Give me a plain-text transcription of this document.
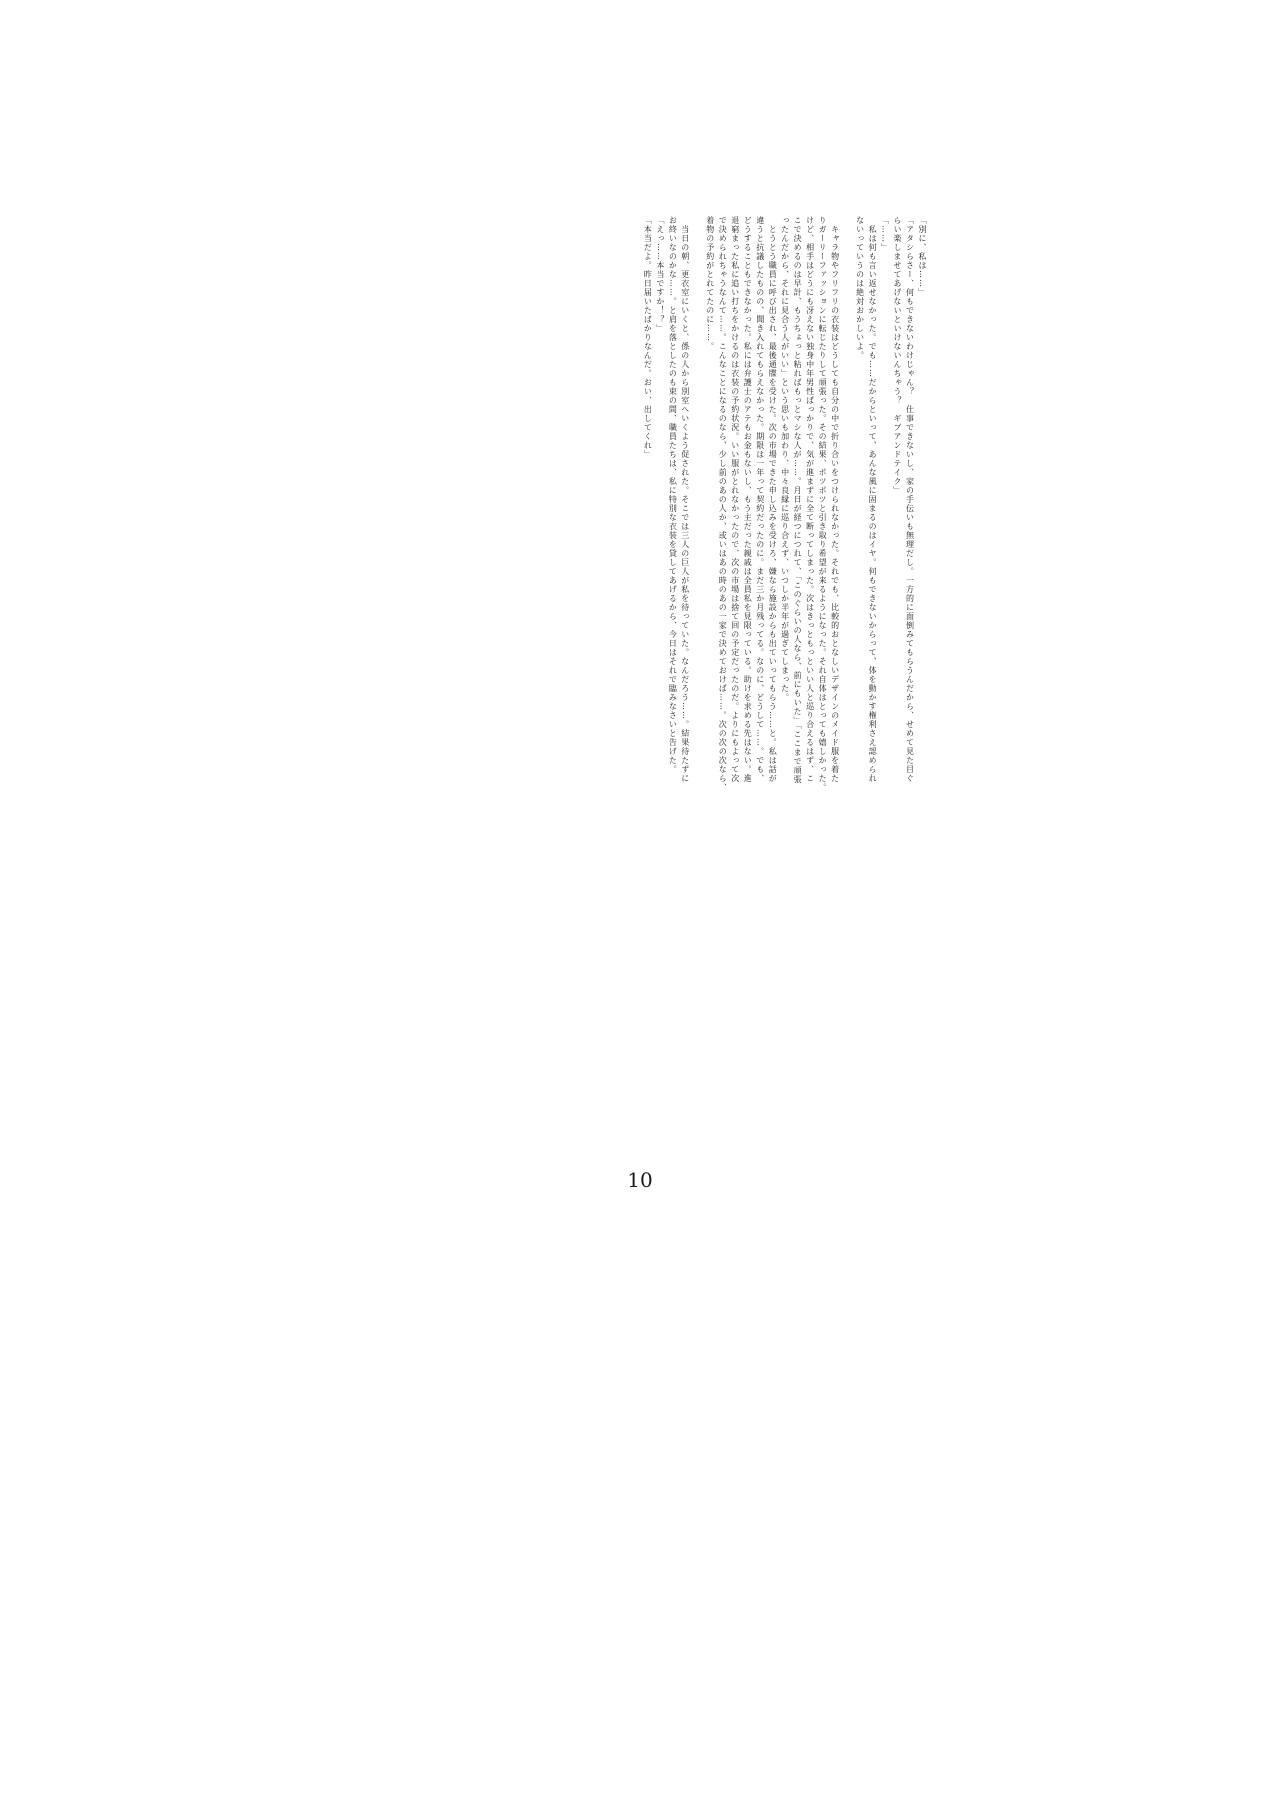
「別に、私は……」
「アタシらさー、何もできないわけじゃん？　仕事できないし、家の手伝いも無理だし。一方的に面倒みてもらうんだから、せめて見た目ぐ
らい楽しませてあげないといけないんちゃう？　ギブアンドテイク」
「……」
　私は何も言い返せなかった。でも……だからといって、あんな風に固まるのはイヤ。何もできないからって、体を動かす権利さえ認められ
ないっていうのは絶対おかしいよ。
　キャラ物やフリフリの衣装はどうしても自分の中で折り合いをつけられなかった。それでも、比較的おとなしいデザインのメイド服を着た
りガーリーファッションに転じたりして頑張った。その結果、ポツポツと引き取り希望が来るようになった。それ自体はとっても嬉しかった。
けど、相手はどうにも冴えない独身中年男性ばっかりで、気が進まずに全て断ってしまった。次はきっともっといい人と巡り合えるはず、こ
こで決めるのは早計、もうちょっと粘ればもっとマシな人が……。月日が経つにつれて、「このぐらいの人なら、前にもいた」「ここまで頑張
ったんだから、それに見合う人がいい」という思いも加わり、中々良縁に巡り合えず、いつしか半年が過ぎてしまった。
　とうとう職員に呼び出され、最後通牒を受けた。次の市場できた申し込みを受けろ、嫌なら施設からも出ていってもらう……と。私は話が
違うと抗議したものの、聞き入れてもらえなかった。期限は一年って契約だったのに。まだ三か月残ってる。なのに、どうして……。でも、
どうすることもできなかった。私には弁護士のアテもお金もないし、もう主だった親戚は全員私を見限っている。助けを求める先はない。進
退窮まった私に追い打ちをかけるのは衣装の予約状況。いい服がとれなかったので、次の市場は捨て回の予定だったのだ。よりにもよって次
で決められちゃうなんて……。こんなことになるのなら、少し前のあの人か、或いはあの時のあの一家で決めておけば……。次の次の次なら、
着物の予約がとれてたのに……。
　当日の朝、更衣室にいくと、係の人から別室へいくよう促された。そこでは三人の巨人が私を待っていた。なんだろう……。結果待たずに
お終いなのかな……。と肩を落としたのも束の間、職員たちは、私に特別な衣装を貸してあげるから、今日はそれで臨みなさいと告げた。
「えっ……本当ですか！？」
「本当だよ。昨日届いたばかりなんだ。おい、出してくれ」
10
